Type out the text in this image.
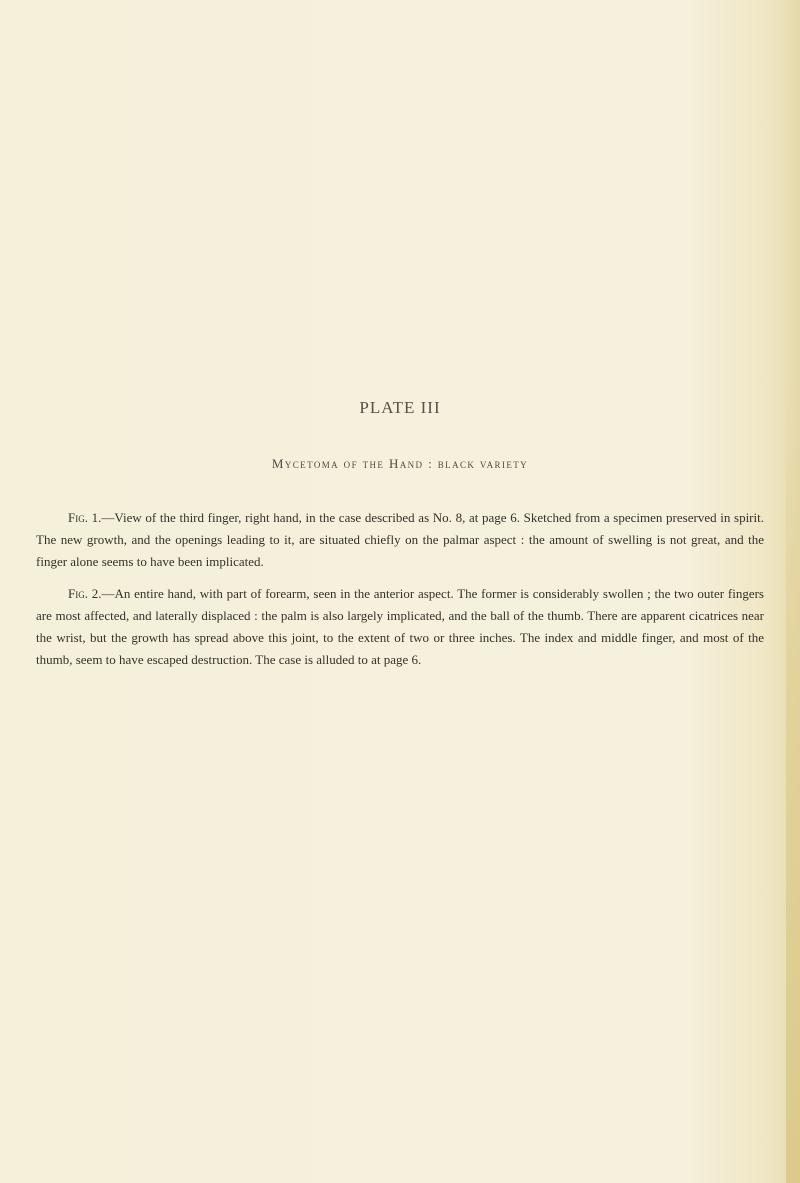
PLATE III
Mycetoma of the Hand : black variety

Fig. 1.—View of the third finger, right hand, in the case described as No. 8, at page 6. Sketched from a specimen preserved in spirit. The new growth, and the openings leading to it, are situated chiefly on the palmar aspect : the amount of swelling is not great, and the finger alone seems to have been implicated.

Fig. 2.—An entire hand, with part of forearm, seen in the anterior aspect. The former is considerably swollen ; the two outer fingers are most affected, and laterally displaced : the palm is also largely implicated, and the ball of the thumb. There are apparent cicatrices near the wrist, but the growth has spread above this joint, to the extent of two or three inches. The index and middle finger, and most of the thumb, seem to have escaped destruction. The case is alluded to at page 6.
